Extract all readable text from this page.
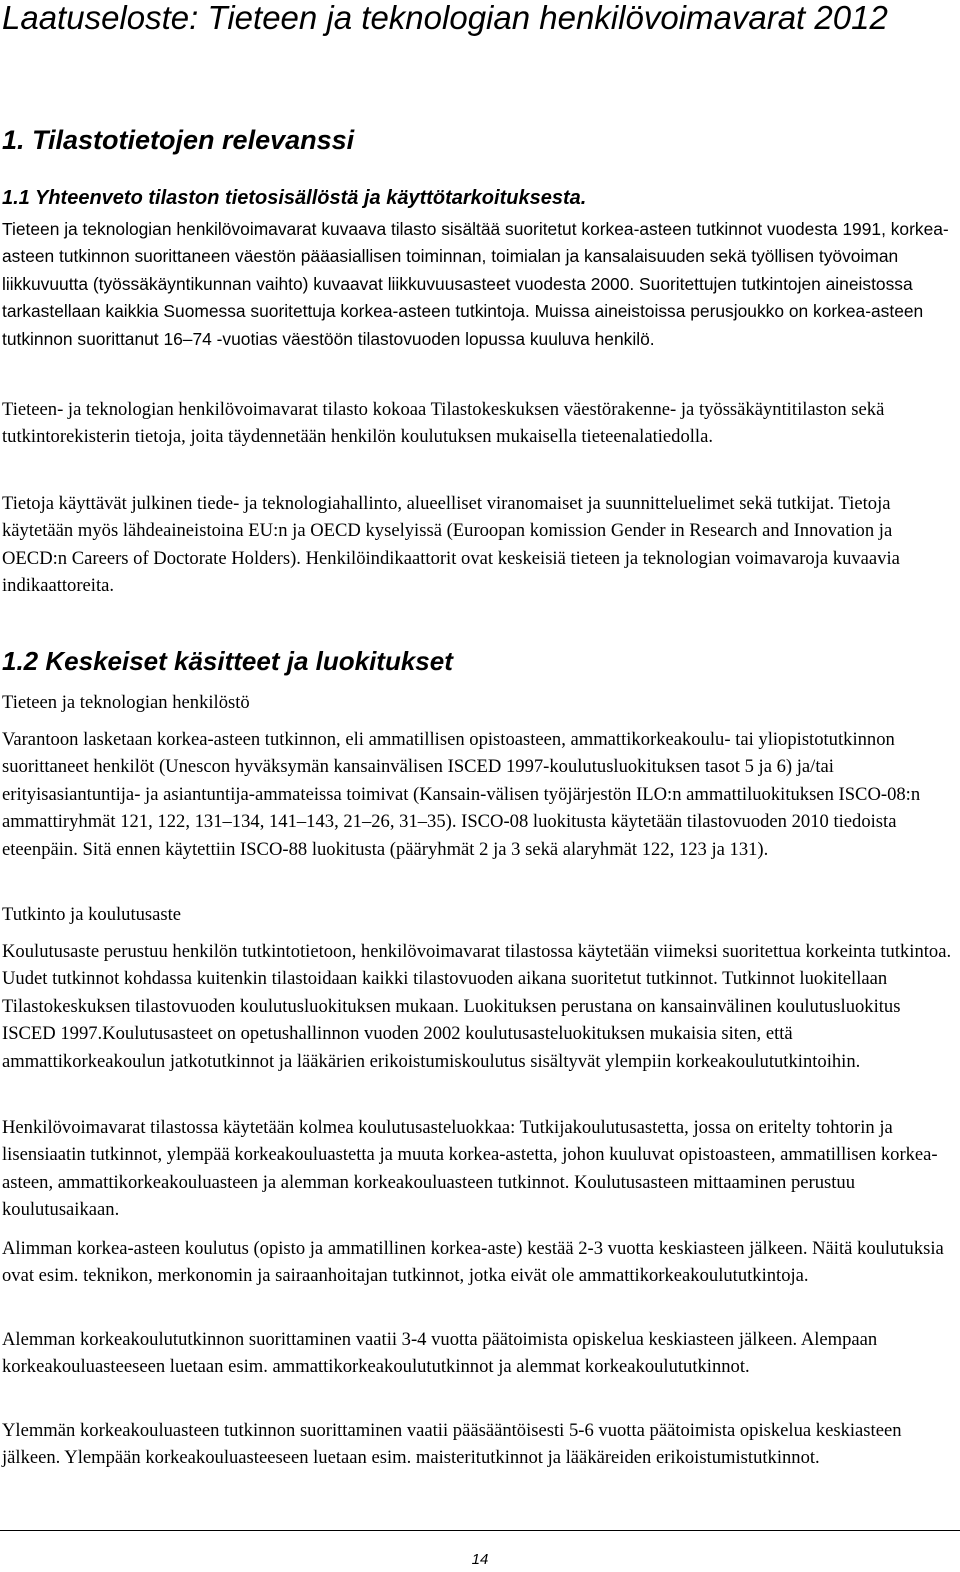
Laatuseloste: Tieteen ja teknologian henkilövoimavarat 2012
1. Tilastotietojen relevanssi
1.1 Yhteenveto tilaston tietosisällöstä ja käyttötarkoituksesta.

Tieteen ja teknologian henkilövoimavarat kuvaava tilasto sisältää suoritetut korkea-asteen tutkinnot vuodesta 1991, korkea-asteen tutkinnon suorittaneen väestön pääasiallisen toiminnan, toimialan ja kansalaisuuden sekä työllisen työvoiman liikkuvuutta (työssäkäyntikunnan vaihto) kuvaavat liikkuvuusasteet vuodesta 2000. Suoritettujen tutkintojen aineistossa tarkastellaan kaikkia Suomessa suoritettuja korkea-asteen tutkintoja. Muissa aineistoissa perusjoukko on korkea-asteen tutkinnon suorittanut 16–74 -vuotias väestöön tilastovuoden lopussa kuuluva henkilö.

Tieteen- ja teknologian henkilövoimavarat tilasto kokoaa Tilastokeskuksen väestörakenne- ja työssäkäyntitilaston sekä tutkintorekisterin tietoja, joita täydennetään henkilön koulutuksen mukaisella tieteenalatiedolla.

Tietoja käyttävät julkinen tiede- ja teknologiahallinto, alueelliset viranomaiset ja suunnitteluelimet sekä tutkijat. Tietoja käytetään myös lähdeaineistoina EU:n ja OECD kyselyissä (Euroopan komission Gender in Research and Innovation ja OECD:n Careers of Doctorate Holders). Henkilöindikaattorit ovat keskeisiä tieteen ja teknologian voimavaroja kuvaavia indikaattoreita.

1.2 Keskeiset käsitteet ja luokitukset

Tieteen ja teknologian henkilöstö

Varantoon lasketaan korkea-asteen tutkinnon, eli ammatillisen opistoasteen, ammattikorkeakoulu- tai yliopistotutkinnon suorittaneet henkilöt (Unescon hyväksymän kansainvälisen ISCED 1997-koulutusluokituksen tasot 5 ja 6) ja/tai erityisasiantuntija- ja asiantuntija-ammateissa toimivat (Kansain-välisen työjärjestön ILO:n ammattiluokituksen ISCO-08:n ammattiryhmät 121, 122, 131–134, 141–143, 21–26, 31–35). ISCO-08 luokitusta käytetään tilastovuoden 2010 tiedoista eteenpäin. Sitä ennen käytettiin ISCO-88 luokitusta (pääryhmät 2 ja 3 sekä alaryhmät 122, 123 ja 131).

Tutkinto ja koulutusaste

Koulutusaste perustuu henkilön tutkintotietoon, henkilövoimavarat tilastossa käytetään viimeksi suoritettua korkeinta tutkintoa. Uudet tutkinnot kohdassa kuitenkin tilastoidaan kaikki tilastovuoden aikana suoritetut tutkinnot. Tutkinnot luokitellaan Tilastokeskuksen tilastovuoden koulutusluokituksen mukaan. Luokituksen perustana on kansainvälinen koulutusluokitus ISCED 1997.Koulutusasteet on opetushallinnon vuoden 2002 koulutusasteluokituksen mukaisia siten, että ammattikorkeakoulun jatkotutkinnot ja lääkärien erikoistumiskoulutus sisältyvät ylempiin korkeakoulututkintoihin.

Henkilövoimavarat tilastossa käytetään kolmea koulutusasteluokkaa: Tutkijakoulutusastetta, jossa on eritelty tohtorin ja lisensiaatin tutkinnot, ylempää korkeakouluastetta ja muuta korkea-astetta, johon kuuluvat opistoasteen, ammatillisen korkea-asteen, ammattikorkeakouluasteen ja alemman korkeakouluasteen tutkinnot. Koulutusasteen mittaaminen perustuu koulutusaikaan.

Alimman korkea-asteen koulutus (opisto ja ammatillinen korkea-aste) kestää 2-3 vuotta keskiasteen jälkeen. Näitä koulutuksia ovat esim. teknikon, merkonomin ja sairaanhoitajan tutkinnot, jotka eivät ole ammattikorkeakoulututkintoja.

Alemman korkeakoulututkinnon suorittaminen vaatii 3-4 vuotta päätoimista opiskelua keskiasteen jälkeen. Alempaan korkeakouluasteeseen luetaan esim. ammattikorkeakoulututkinnot ja alemmat korkeakoulututkinnot.

Ylemmän korkeakouluasteen tutkinnon suorittaminen vaatii pääsääntöisesti 5-6 vuotta päätoimista opiskelua keskiasteen jälkeen. Ylempään korkeakouluasteeseen luetaan esim. maisteritutkinnot ja lääkäreiden erikoistumistutkinnot.

14
